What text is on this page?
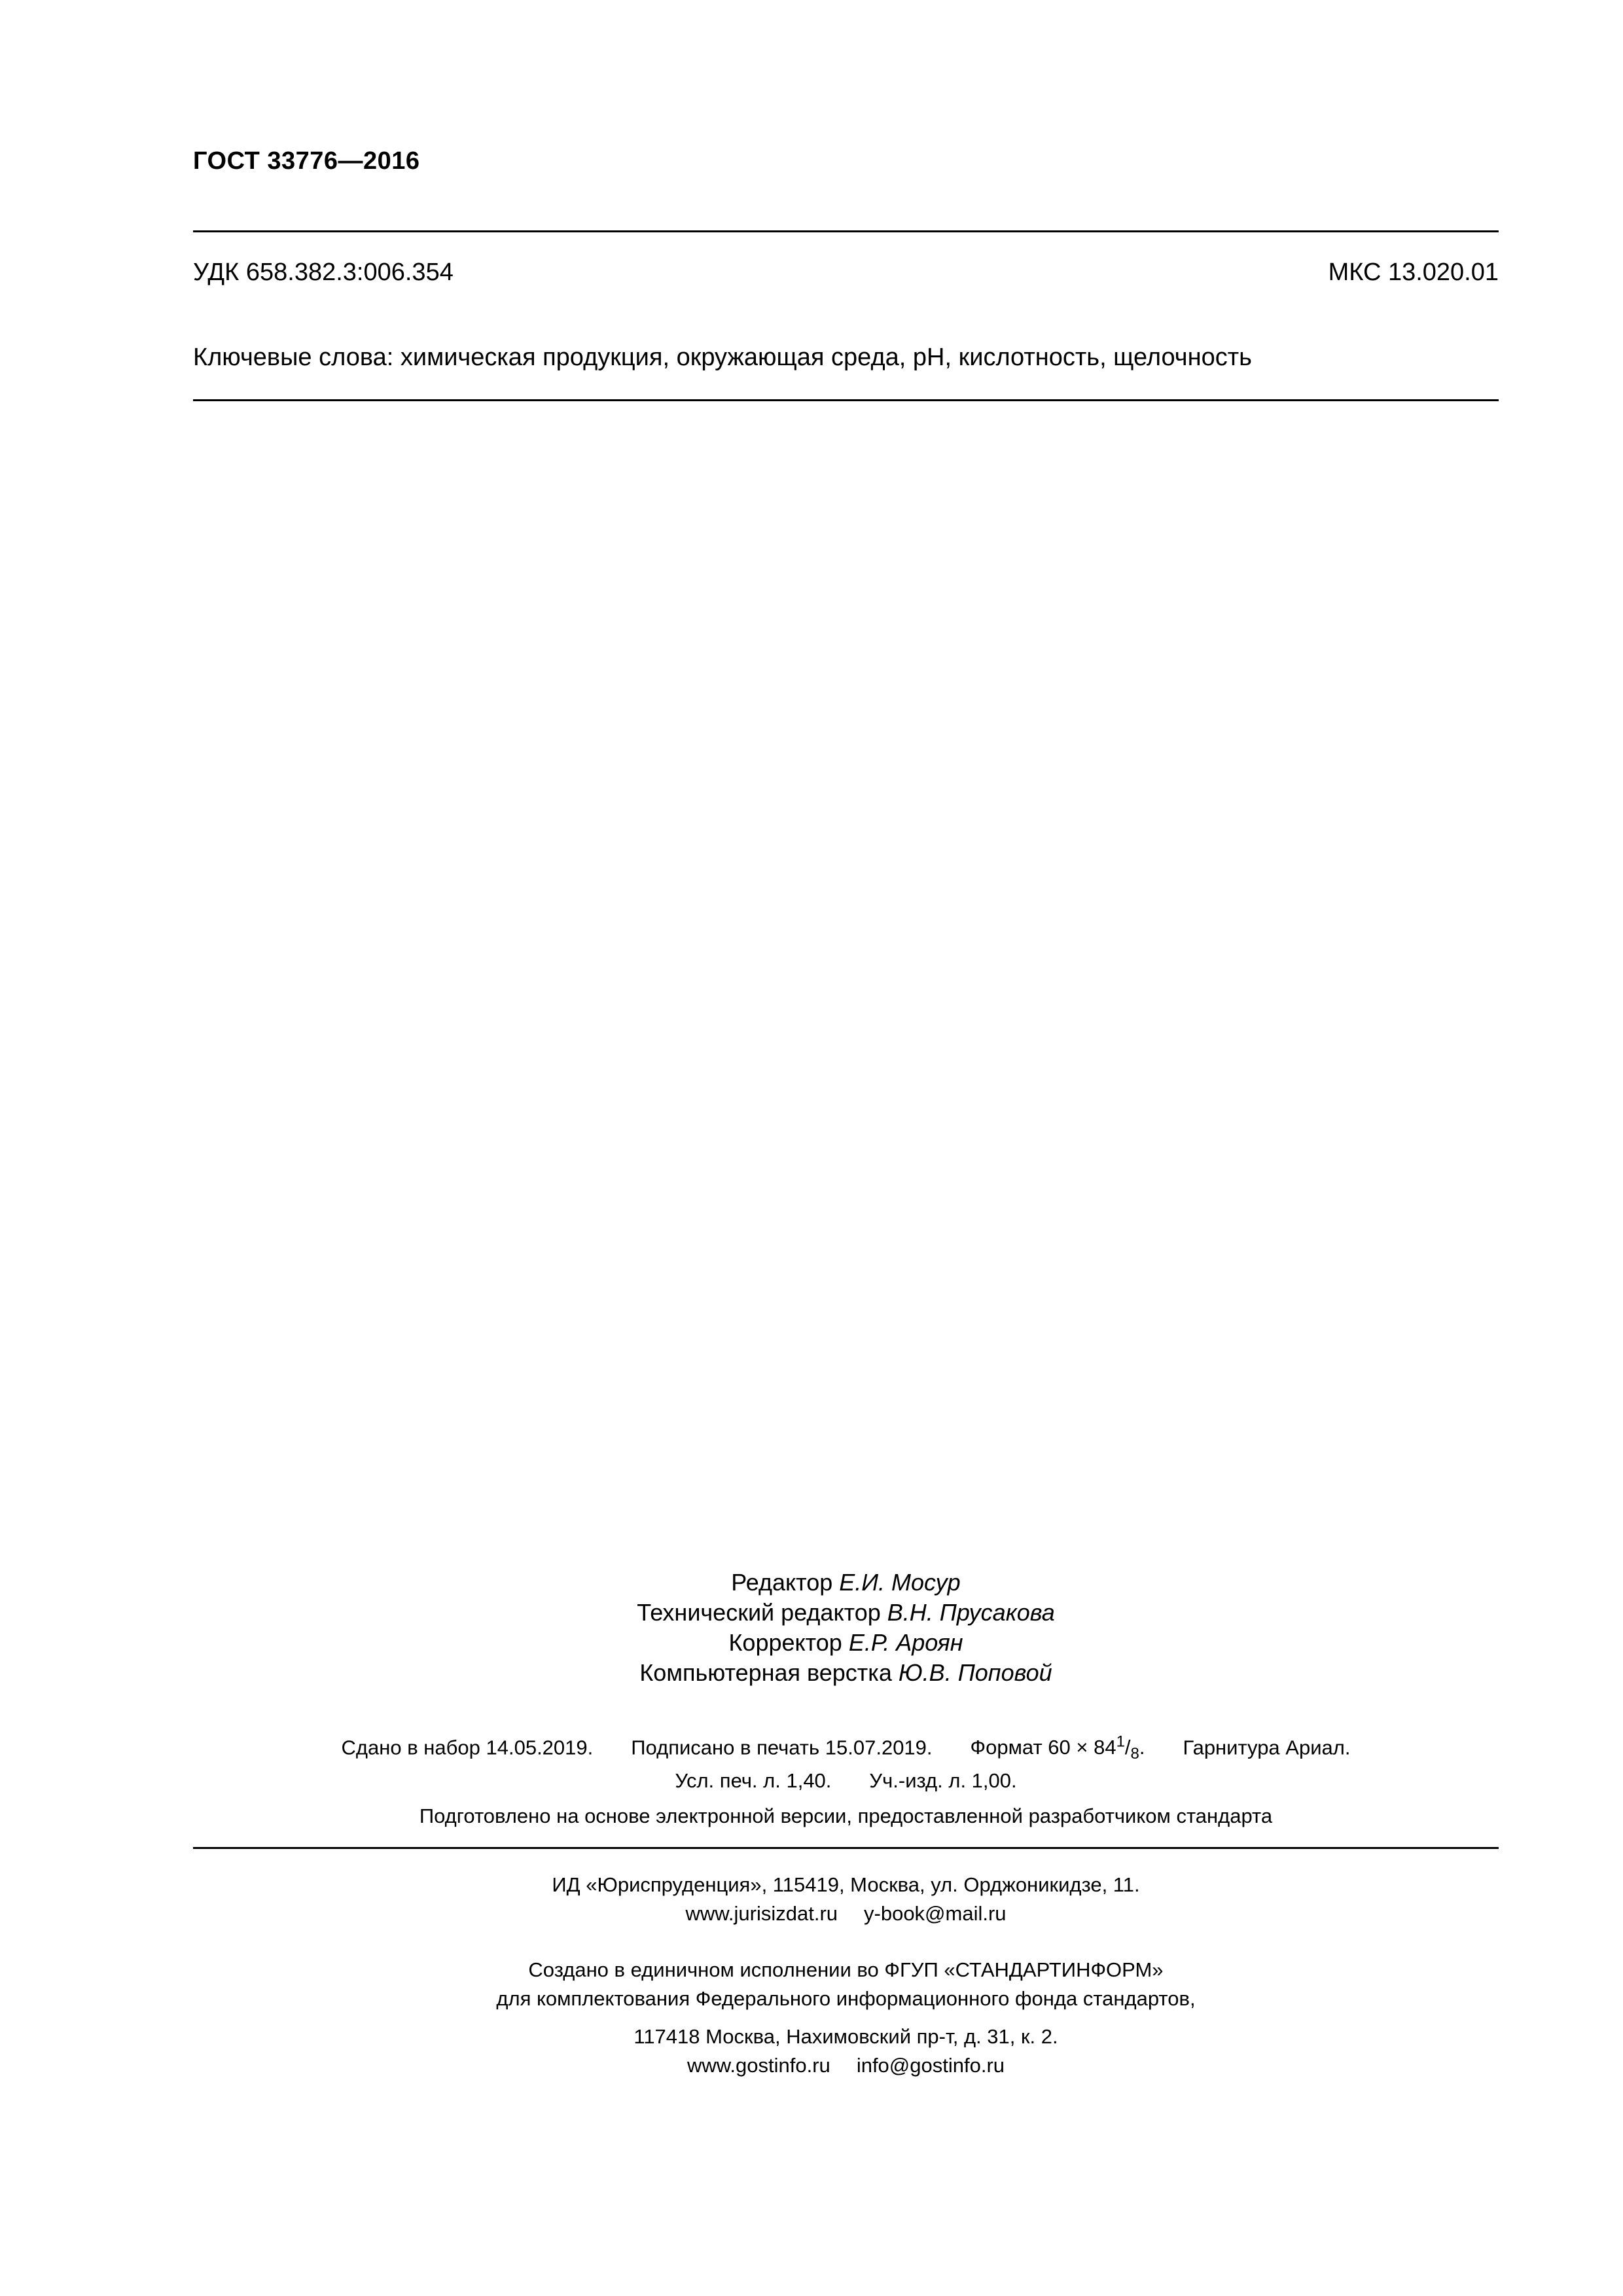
ГОСТ 33776—2016
УДК 658.382.3:006.354	МКС 13.020.01
Ключевые слова: химическая продукция, окружающая среда, pH, кислотность, щелочность
Редактор Е.И. Мосур
Технический редактор В.Н. Прусакова
Корректор Е.Р. Ароян
Компьютерная верстка Ю.В. Поповой
Сдано в набор 14.05.2019. Подписано в печать 15.07.2019. Формат $60 \times 84^1/_8$. Гарнитура Ариал.
Усл. печ. л. 1,40. Уч.-изд. л. 1,00.
Подготовлено на основе электронной версии, предоставленной разработчиком стандарта
ИД «Юриспруденция», 115419, Москва, ул. Орджоникидзе, 11.
www.jurisizdat.ru y-book@mail.ru
Создано в единичном исполнении во ФГУП «СТАНДАРТИНФОРМ»
для комплектования Федерального информационного фонда стандартов,
117418 Москва, Нахимовский пр-т, д. 31, к. 2.
www.gostinfo.ru info@gostinfo.ru
